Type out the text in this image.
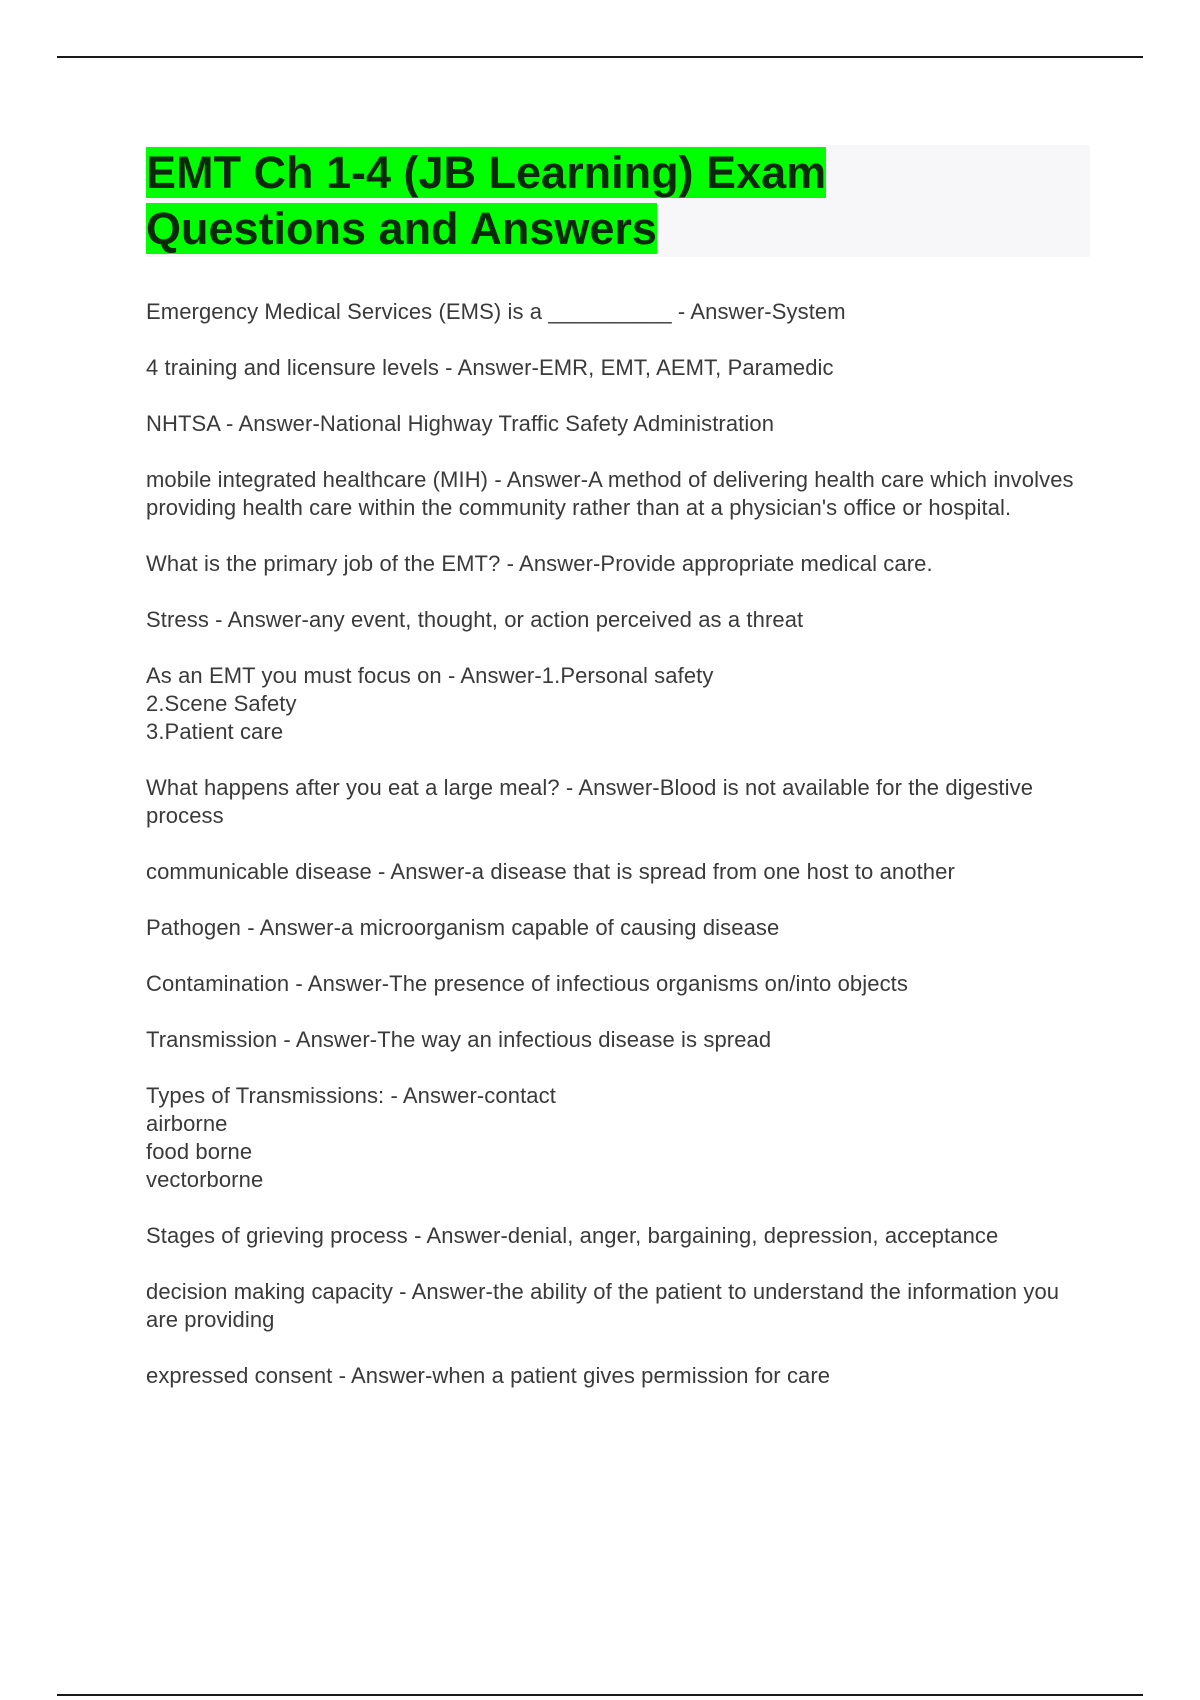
EMT Ch 1-4 (JB Learning) Exam Questions and Answers

Emergency Medical Services (EMS) is a __________ - Answer-System

4 training and licensure levels - Answer-EMR, EMT, AEMT, Paramedic

NHTSA - Answer-National Highway Traffic Safety Administration

mobile integrated healthcare (MIH) - Answer-A method of delivering health care which involves providing health care within the community rather than at a physician's office or hospital.

What is the primary job of the EMT? - Answer-Provide appropriate medical care.

Stress - Answer-any event, thought, or action perceived as a threat

As an EMT you must focus on - Answer-1.Personal safety
2.Scene Safety
3.Patient care

What happens after you eat a large meal? - Answer-Blood is not available for the digestive process

communicable disease - Answer-a disease that is spread from one host to another

Pathogen - Answer-a microorganism capable of causing disease

Contamination - Answer-The presence of infectious organisms on/into objects

Transmission - Answer-The way an infectious disease is spread

Types of Transmissions: - Answer-contact
airborne
food borne
vectorborne

Stages of grieving process - Answer-denial, anger, bargaining, depression, acceptance

decision making capacity - Answer-the ability of the patient to understand the information you are providing

expressed consent - Answer-when a patient gives permission for care
